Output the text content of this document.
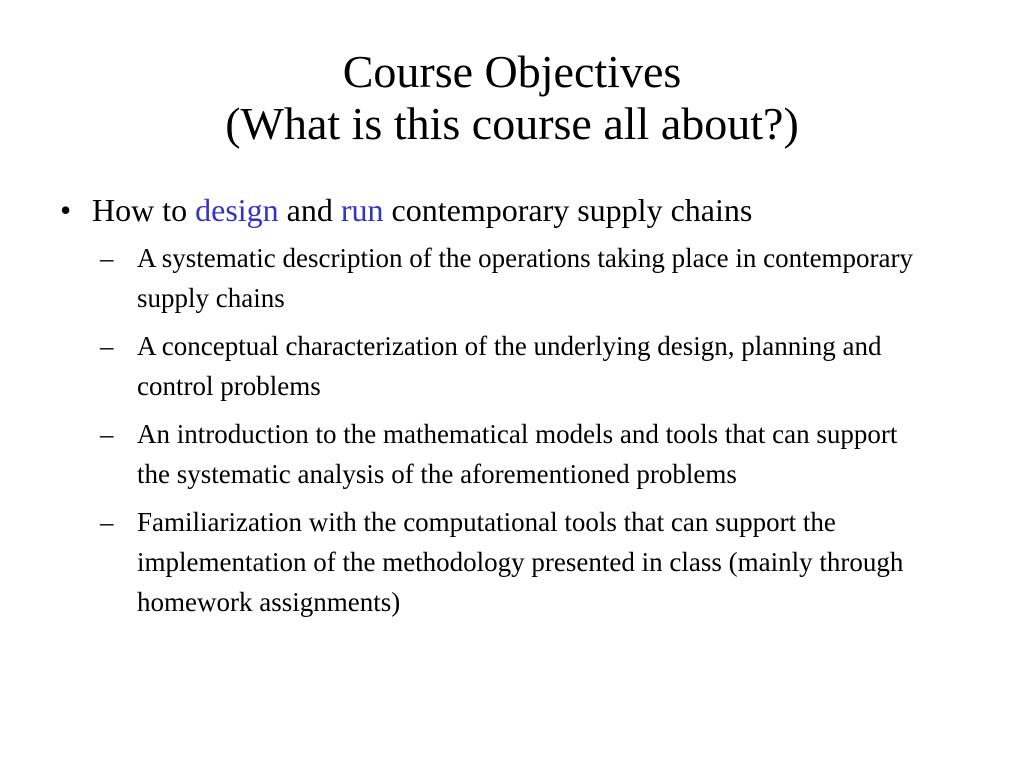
Course Objectives
(What is this course all about?)
• How to design and run contemporary supply chains
– A systematic description of the operations taking place in contemporary supply chains
– A conceptual characterization of the underlying design, planning and control problems
– An introduction to the mathematical models and tools that can support the systematic analysis of the aforementioned problems
– Familiarization with the computational tools that can support the implementation of the methodology presented in class (mainly through homework assignments)
